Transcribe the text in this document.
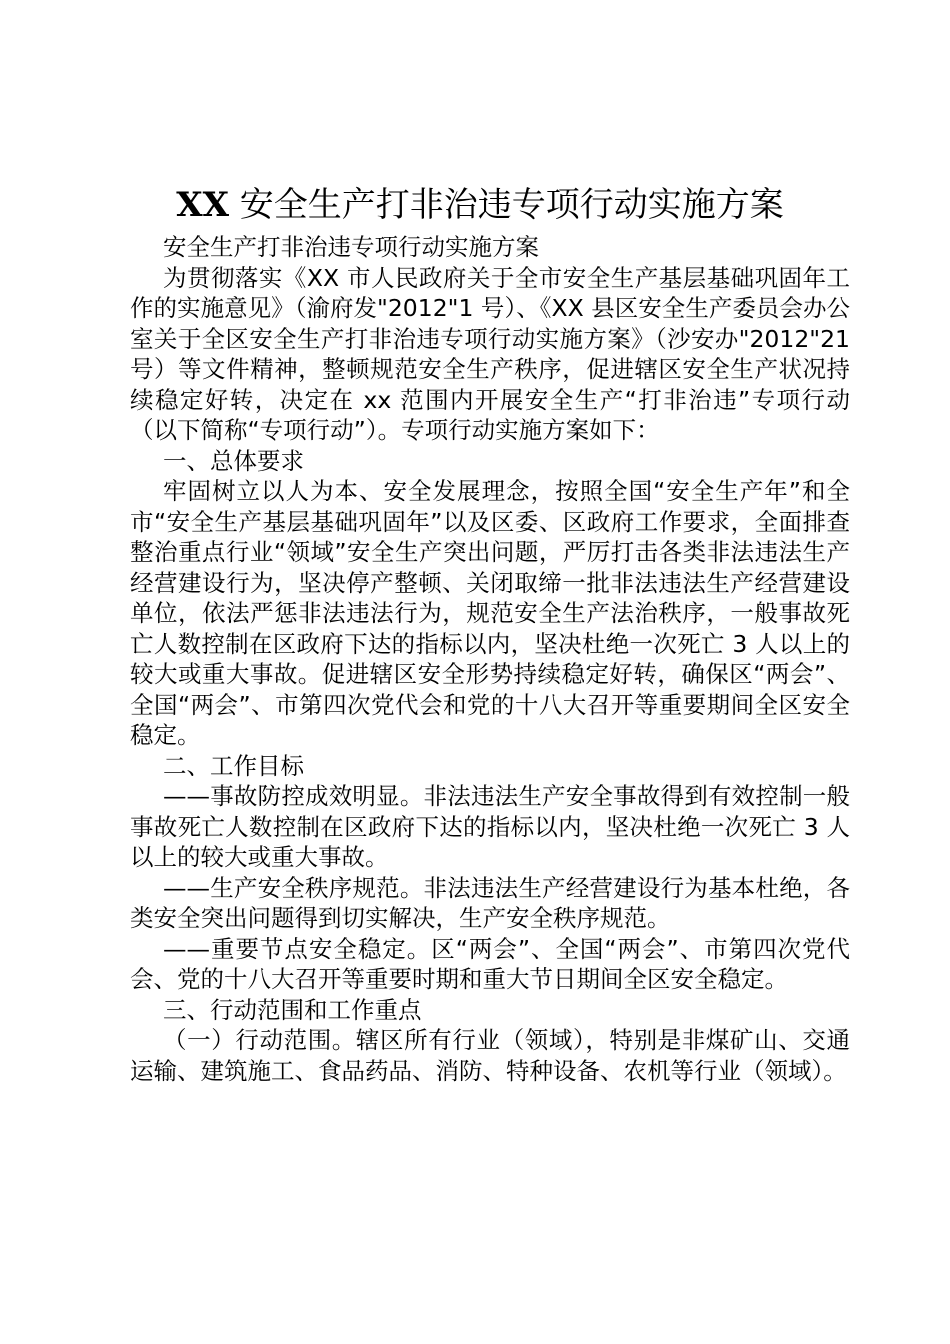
XX 安全生产打非治违专项行动实施方案

安全生产打非治违专项行动实施方案

为贯彻落实《XX 市人民政府关于全市安全生产基层基础巩固年工作的实施意见》（渝府发"2012"1 号）、《XX 县区安全生产委员会办公室关于全区安全生产打非治违专项行动实施方案》（沙安办"2012"21 号）等文件精神，整顿规范安全生产秩序，促进辖区安全生产状况持续稳定好转，决定在 xx 范围内开展安全生产“打非治违”专项行动（以下简称“专项行动”）。专项行动实施方案如下：

一、总体要求

牢固树立以人为本、安全发展理念，按照全国“安全生产年”和全市“安全生产基层基础巩固年”以及区委、区政府工作要求，全面排查整治重点行业“领域”安全生产突出问题，严厉打击各类非法违法生产经营建设行为，坚决停产整顿、关闭取缔一批非法违法生产经营建设单位，依法严惩非法违法行为，规范安全生产法治秩序，一般事故死亡人数控制在区政府下达的指标以内，坚决杜绝一次死亡 3 人以上的较大或重大事故。促进辖区安全形势持续稳定好转，确保区“两会”、全国“两会”、市第四次党代会和党的十八大召开等重要期间全区安全稳定。

二、工作目标

——事故防控成效明显。非法违法生产安全事故得到有效控制一般事故死亡人数控制在区政府下达的指标以内，坚决杜绝一次死亡 3 人以上的较大或重大事故。

——生产安全秩序规范。非法违法生产经营建设行为基本杜绝，各类安全突出问题得到切实解决，生产安全秩序规范。

——重要节点安全稳定。区“两会”、全国“两会”、市第四次党代会、党的十八大召开等重要时期和重大节日期间全区安全稳定。

三、行动范围和工作重点

（一）行动范围。辖区所有行业（领域），特别是非煤矿山、交通运输、建筑施工、食品药品、消防、特种设备、农机等行业（领域）。
